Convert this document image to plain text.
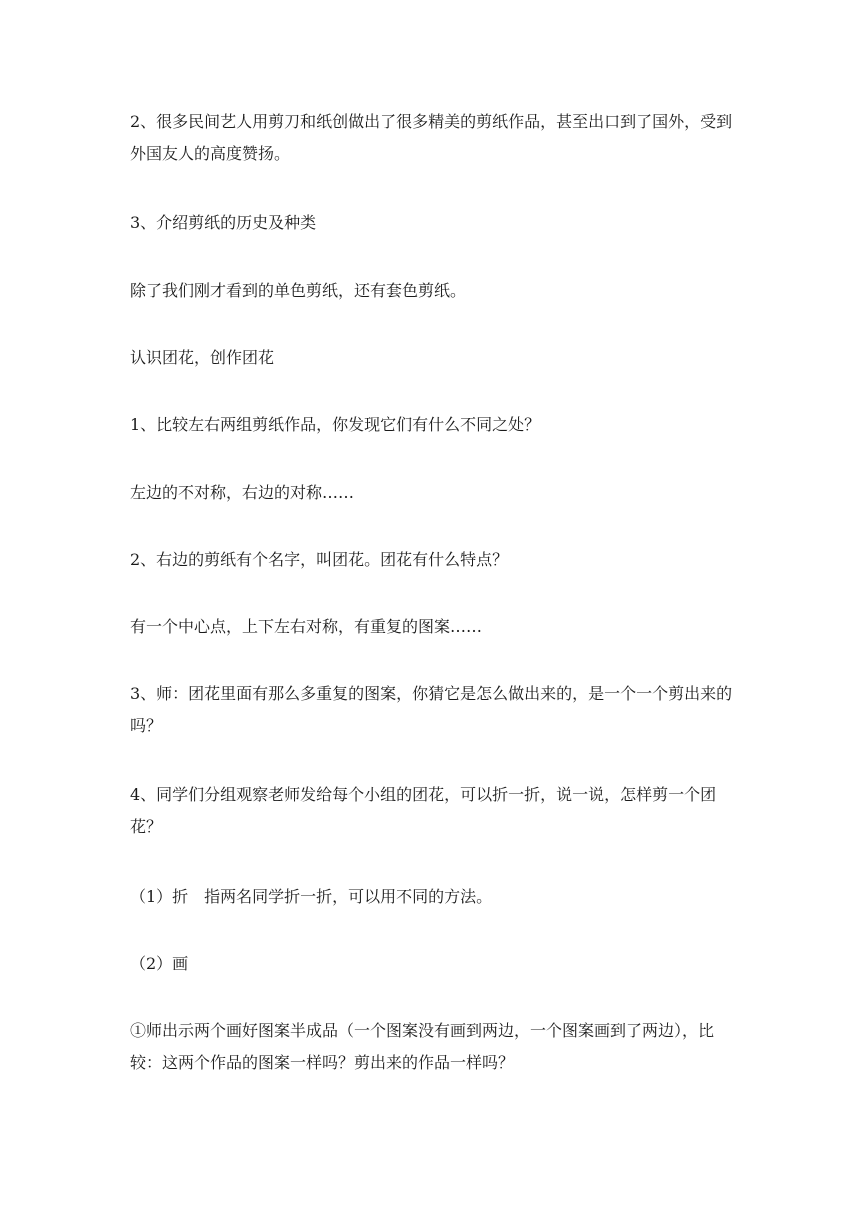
2、很多民间艺人用剪刀和纸创做出了很多精美的剪纸作品，甚至出口到了国外，受到外国友人的高度赞扬。

3、介绍剪纸的历史及种类

除了我们刚才看到的单色剪纸，还有套色剪纸。

认识团花，创作团花

1、比较左右两组剪纸作品，你发现它们有什么不同之处？

左边的不对称，右边的对称……

2、右边的剪纸有个名字，叫团花。团花有什么特点？

有一个中心点，上下左右对称，有重复的图案……

3、师：团花里面有那么多重复的图案，你猜它是怎么做出来的，是一个一个剪出来的吗？

4、同学们分组观察老师发给每个小组的团花，可以折一折，说一说，怎样剪一个团花？

（1）折　指两名同学折一折，可以用不同的方法。

（2）画

①师出示两个画好图案半成品（一个图案没有画到两边，一个图案画到了两边），比较：这两个作品的图案一样吗？剪出来的作品一样吗？
